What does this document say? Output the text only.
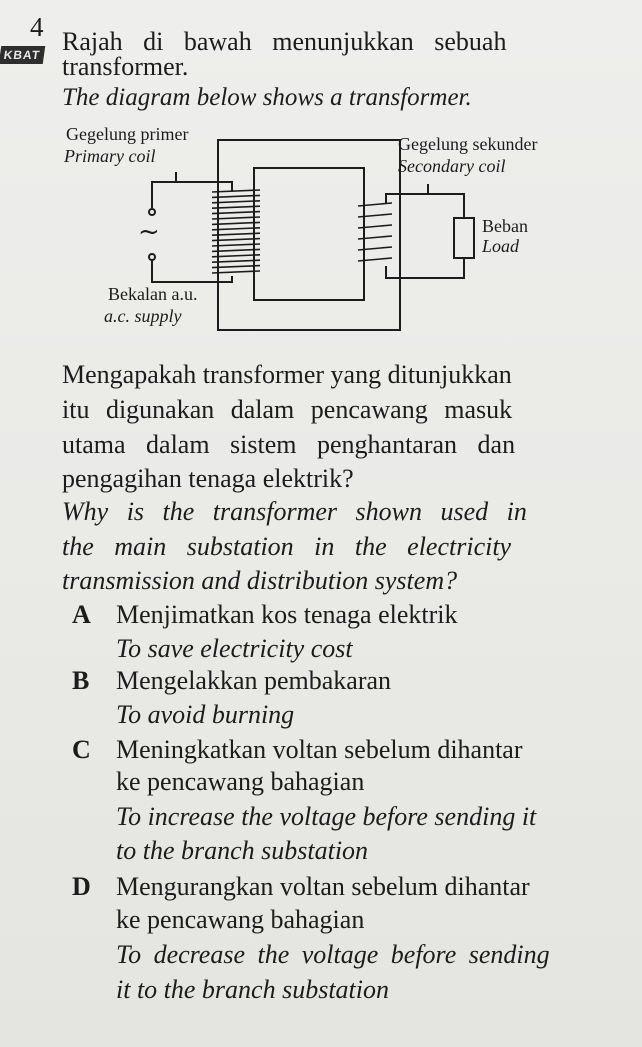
4
KBAT Rajah di bawah menunjukkan sebuah
transformer.
The diagram below shows a transformer.
Gegelung primer
Primary coil
Gegelung sekunder
Secondary coil
Beban
Load
Bekalan a.u.
a.c. supply
~
Mengapakah transformer yang ditunjukkan
itu digunakan dalam pencawang masuk
utama dalam sistem penghantaran dan
pengagihan tenaga elektrik?
Why is the transformer shown used in
the main substation in the electricity
transmission and distribution system?
A Menjimatkan kos tenaga elektrik
To save electricity cost
B Mengelakkan pembakaran
To avoid burning
C Meningkatkan voltan sebelum dihantar
ke pencawang bahagian
To increase the voltage before sending it
to the branch substation
D Mengurangkan voltan sebelum dihantar
ke pencawang bahagian
To decrease the voltage before sending
it to the branch substation
